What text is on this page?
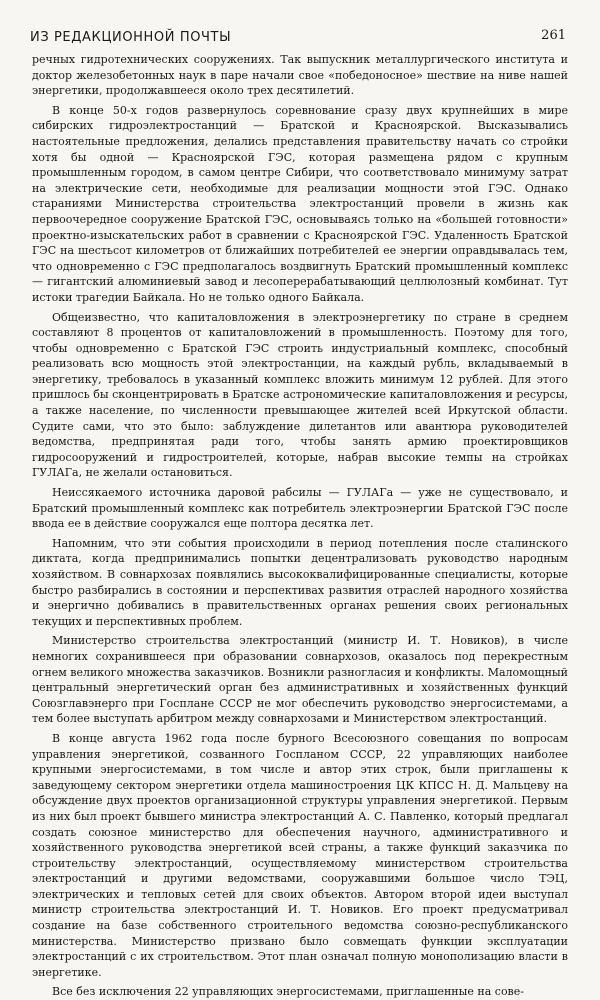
ИЗ РЕДАКЦИОННОЙ ПОЧТЫ	261

речных гидротехнических сооружениях. Так выпускник металлургического института и доктор железобетонных наук в паре начали свое «победоносное» шествие на ниве нашей энергетики, продолжавшееся около трех десятилетий.

В конце 50-х годов развернулось соревнование сразу двух крупнейших в мире сибирских гидроэлектростанций — Братской и Красноярской. Высказывались настоятельные предложения, делались представления правительству начать со стройки хотя бы одной — Красноярской ГЭС, которая размещена рядом с крупным промышленным городом, в самом центре Сибири, что соответствовало минимуму затрат на электрические сети, необходимые для реализации мощности этой ГЭС. Однако стараниями Министерства строительства электростанций провели в жизнь как первоочередное сооружение Братской ГЭС, основываясь только на «большей готовности» проектно-изыскательских работ в сравнении с Красноярской ГЭС. Удаленность Братской ГЭС на шестьсот километров от ближайших потребителей ее энергии оправдывалась тем, что одновременно с ГЭС предполагалось воздвигнуть Братский промышленный комплекс — гигантский алюминиевый завод и лесоперерабатывающий целлюлозный комбинат. Тут истоки трагедии Байкала. Но не только одного Байкала.

Общеизвестно, что капиталовложения в электроэнергетику по стране в среднем составляют 8 процентов от капиталовложений в промышленность. Поэтому для того, чтобы одновременно с Братской ГЭС строить индустриальный комплекс, способный реализовать всю мощность этой электростанции, на каждый рубль, вкладываемый в энергетику, требовалось в указанный комплекс вложить минимум 12 рублей. Для этого пришлось бы сконцентрировать в Братске астрономические капиталовложения и ресурсы, а также население, по численности превышающее жителей всей Иркутской области. Судите сами, что это было: заблуждение дилетантов или авантюра руководителей ведомства, предпринятая ради того, чтобы занять армию проектировщиков гидросооружений и гидростроителей, которые, набрав высокие темпы на стройках ГУЛАГа, не желали остановиться.

Неиссякаемого источника даровой рабсилы — ГУЛАГа — уже не существовало, и Братский промышленный комплекс как потребитель электроэнергии Братской ГЭС после ввода ее в действие сооружался еще полтора десятка лет.

Напомним, что эти события происходили в период потепления после сталинского диктата, когда предпринимались попытки децентрализовать руководство народным хозяйством. В совнархозах появлялись высококвалифицированные специалисты, которые быстро разбирались в состоянии и перспективах развития отраслей народного хозяйства и энергично добивались в правительственных органах решения своих региональных текущих и перспективных проблем.

Министерство строительства электростанций (министр И. Т. Новиков), в числе немногих сохранившееся при образовании совнархозов, оказалось под перекрестным огнем великого множества заказчиков. Возникли разногласия и конфликты. Маломощный центральный энергетический орган без административных и хозяйственных функций Союзглавэнерго при Госплане СССР не мог обеспечить руководство энергосистемами, а тем более выступать арбитром между совнархозами и Министерством электростанций.

В конце августа 1962 года после бурного Всесоюзного совещания по вопросам управления энергетикой, созванного Госпланом СССР, 22 управляющих наиболее крупными энергосистемами, в том числе и автор этих строк, были приглашены к заведующему сектором энергетики отдела машиностроения ЦК КПСС Н. Д. Мальцеву на обсуждение двух проектов организационной структуры управления энергетикой. Первым из них был проект бывшего министра электростанций А. С. Павленко, который предлагал создать союзное министерство для обеспечения научного, административного и хозяйственного руководства энергетикой всей страны, а также функций заказчика по строительству электростанций, осуществляемому министерством строительства электростанций и другими ведомствами, сооружавшими большое число ТЭЦ, электрических и тепловых сетей для своих объектов. Автором второй идеи выступал министр строительства электростанций И. Т. Новиков. Его проект предусматривал создание на базе собственного строительного ведомства союзно-республиканского министерства. Министерство призвано было совмещать функции эксплуатации электростанций с их строительством. Этот план означал полную монополизацию власти в энергетике.

Все без исключения 22 управляющих энергосистемами, приглашенные на сове-
